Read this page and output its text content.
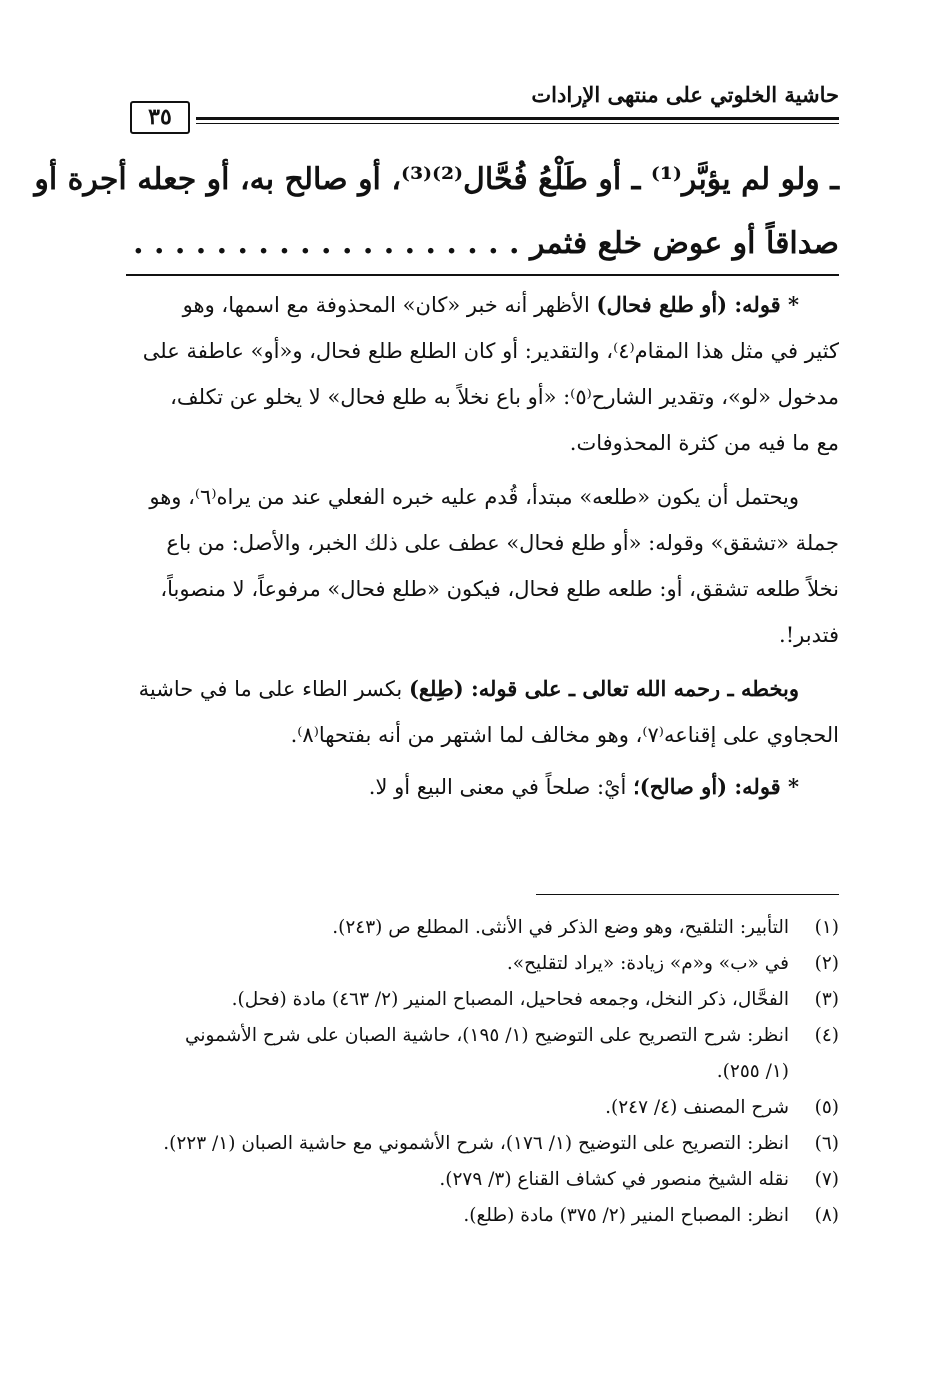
حاشية الخلوتي على منتهى الإرادات
٣٥

ـ ولو لم يؤبَّر⁽¹⁾ ـ أو طَلْعُ فُحَّال⁽²⁾⁽³⁾، أو صالح به، أو جعله أجرة أو

صداقاً أو عوض خلع فثمر . . . . . . . . . . . . . . . . . . .

* قوله: (أو طلع فحال) الأظهر أنه خبر «كان» المحذوفة مع اسمها، وهو

كثير في مثل هذا المقام⁽٤⁾، والتقدير: أو كان الطلع طلع فحال، و«أو» عاطفة على

مدخول «لو»، وتقدير الشارح⁽٥⁾: «أو باع نخلاً به طلع فحال» لا يخلو عن تكلف،

مع ما فيه من كثرة المحذوفات.

ويحتمل أن يكون «طلعه» مبتدأ، قُدم عليه خبره الفعلي عند من يراه⁽٦⁾، وهو

جملة «تشقق» وقوله: «أو طلع فحال» عطف على ذلك الخبر، والأصل: من باع

نخلاً طلعه تشقق، أو: طلعه طلع فحال، فيكون «طلع فحال» مرفوعاً، لا منصوباً،

فتدبر!.

وبخطه ـ رحمه الله تعالى ـ على قوله: (طِلع) بكسر الطاء على ما في حاشية

الحجاوي على إقناعه⁽٧⁾، وهو مخالف لما اشتهر من أنه بفتحها⁽٨⁾.

* قوله: (أو صالح)؛ أيْ: صلحاً في معنى البيع أو لا.

(١)
التأبير: التلقيح، وهو وضع الذكر في الأنثى. المطلع ص (٢٤٣).
(٢)
في «ب» و«م» زيادة: «يراد لتقليح».
(٣)
الفحَّال، ذكر النخل، وجمعه فحاحيل، المصباح المنير (٢/ ٤٦٣) مادة (فحل).
(٤)
انظر: شرح التصريح على التوضيح (١/ ١٩٥)، حاشية الصبان على شرح الأشموني
(١/ ٢٥٥).
(٥)
شرح المصنف (٤/ ٢٤٧).
(٦)
انظر: التصريح على التوضيح (١/ ١٧٦)، شرح الأشموني مع حاشية الصبان (١/ ٢٢٣).
(٧)
نقله الشيخ منصور في كشاف القناع (٣/ ٢٧٩).
(٨)
انظر: المصباح المنير (٢/ ٣٧٥) مادة (طلع).
